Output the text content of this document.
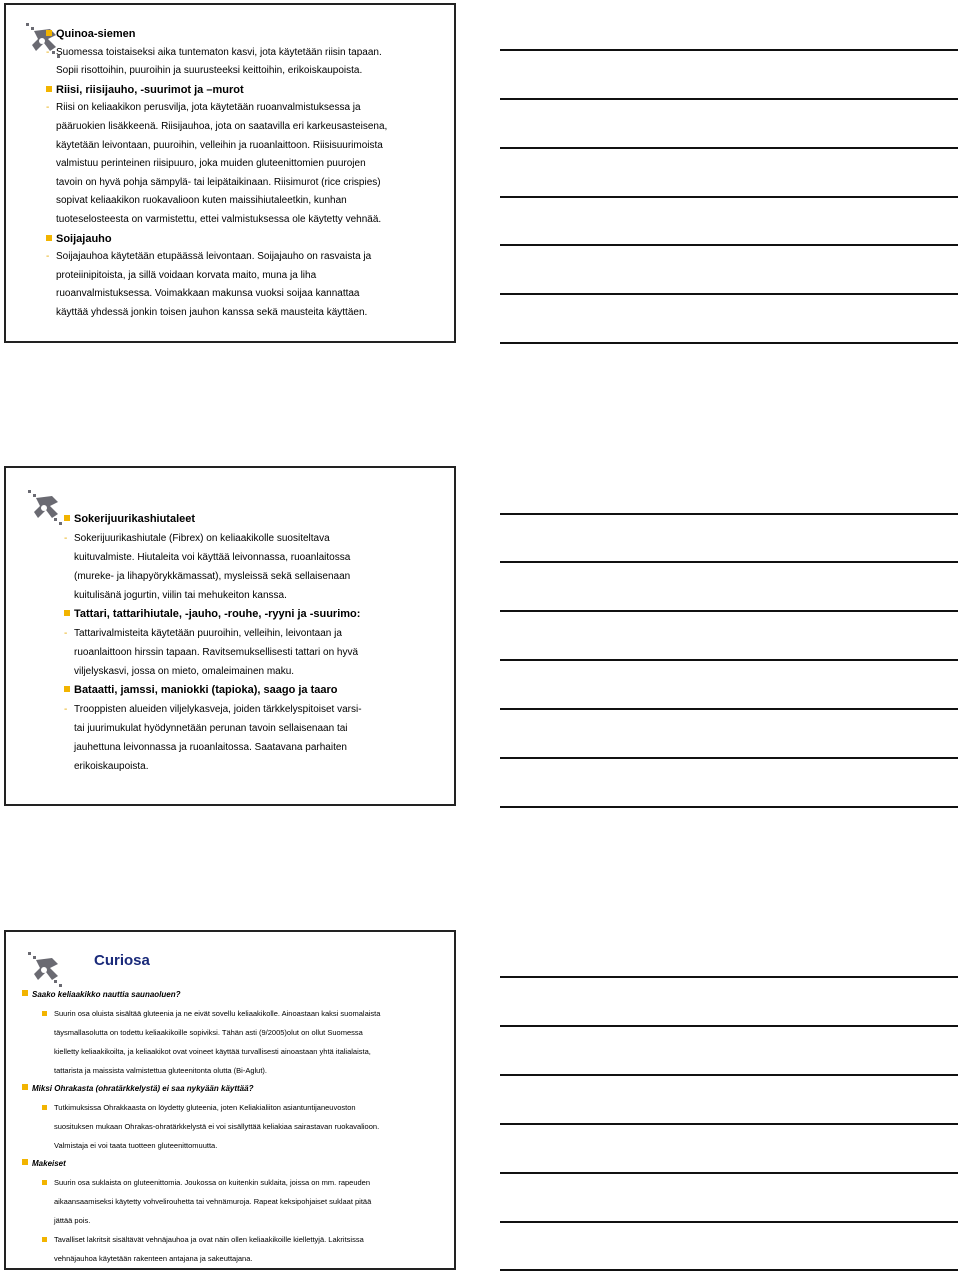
Quinoa-siemen
- Suomessa toistaiseksi aika tuntematon kasvi, jota käytetään riisin tapaan.
Sopii risottoihin, puuroihin ja suurusteeksi keittoihin, erikoiskaupoista.
Riisi, riisijauho, -suurimot ja –murot
- Riisi on keliaakikon perusvilja, jota käytetään ruoanvalmistuksessa ja
pääruokien lisäkkeenä. Riisijauhoa, jota on saatavilla eri karkeusasteisena,
käytetään leivontaan, puuroihin, velleihin ja ruoanlaittoon. Riisisuurimoista
valmistuu perinteinen riisipuuro, joka muiden gluteenittomien puurojen
tavoin on hyvä pohja sämpylä- tai leipätaikinaan. Riisimurot (rice crispies)
sopivat keliaakikon ruokavalioon kuten maissihiutaleetkin, kunhan
tuoteselosteesta on varmistettu, ettei valmistuksessa ole käytetty vehnää.
Soijajauho
- Soijajauhoa käytetään etupäässä leivontaan. Soijajauho on rasvaista ja
proteiinipitoista, ja sillä voidaan korvata maito, muna ja liha
ruoanvalmistuksessa. Voimakkaan makunsa vuoksi soijaa kannattaa
käyttää yhdessä jonkin toisen jauhon kanssa sekä mausteita käyttäen.
Sokerijuurikashiutaleet
- Sokerijuurikashiutale (Fibrex) on keliaakikolle suositeltava
kuituvalmiste. Hiutaleita voi käyttää leivonnassa, ruoanlaitossa
(mureke- ja lihapyörykkämassat), mysleissä sekä sellaisenaan
kuitulisänä jogurtin, viilin tai mehukeiton kanssa.
Tattari, tattarihiutale, -jauho, -rouhe, -ryyni ja -suurimo:
- Tattarivalmisteita käytetään puuroihin, velleihin, leivontaan ja
ruoanlaittoon hirssin tapaan. Ravitsemuksellisesti tattari on hyvä
viljelyskasvi, jossa on mieto, omaleimainen maku.
Bataatti, jamssi, maniokki (tapioka), saago ja taaro
- Trooppisten alueiden viljelykasveja, joiden tärkkelyspitoiset varsi-
tai juurimukulat hyödynnetään perunan tavoin sellaisenaan tai
jauhettuna leivonnassa ja ruoanlaitossa. Saatavana parhaiten
erikoiskaupoista.
Curiosa
Saako keliaakikko nauttia saunaoluen?
Suurin osa oluista sisältää gluteenia ja ne eivät sovellu keliaakikolle. Ainoastaan kaksi suomalaista
täysmallasolutta on todettu keliaakikoille sopiviksi. Tähän asti (9/2005)olut on ollut Suomessa
kielletty keliaakikoilta, ja keliaakikot ovat voineet käyttää turvallisesti ainoastaan yhtä italialaista,
tattarista ja maissista valmistettua gluteenitonta olutta (Bi-Aglut).
Miksi Ohrakasta (ohratärkkelystä) ei saa nykyään käyttää?
Tutkimuksissa Ohrakkaasta on löydetty gluteenia, joten Keliakialiiton asiantuntijaneuvoston
suosituksen mukaan Ohrakas-ohratärkkelystä ei voi sisällyttää keliakiaa sairastavan ruokavalioon.
Valmistaja ei voi taata tuotteen gluteenittomuutta.
Makeiset
Suurin osa suklaista on gluteenittomia. Joukossa on kuitenkin suklaita, joissa on mm. rapeuden
aikaansaamiseksi käytetty vohvelirouhetta tai vehnämuroja. Rapeat keksipohjaiset suklaat pitää
jättää pois.
Tavalliset lakritsit sisältävät vehnäjauhoa ja ovat näin ollen keliaakikoille kiellettyjä. Lakritsissa
vehnäjauhoa käytetään rakenteen antajana ja sakeuttajana.
